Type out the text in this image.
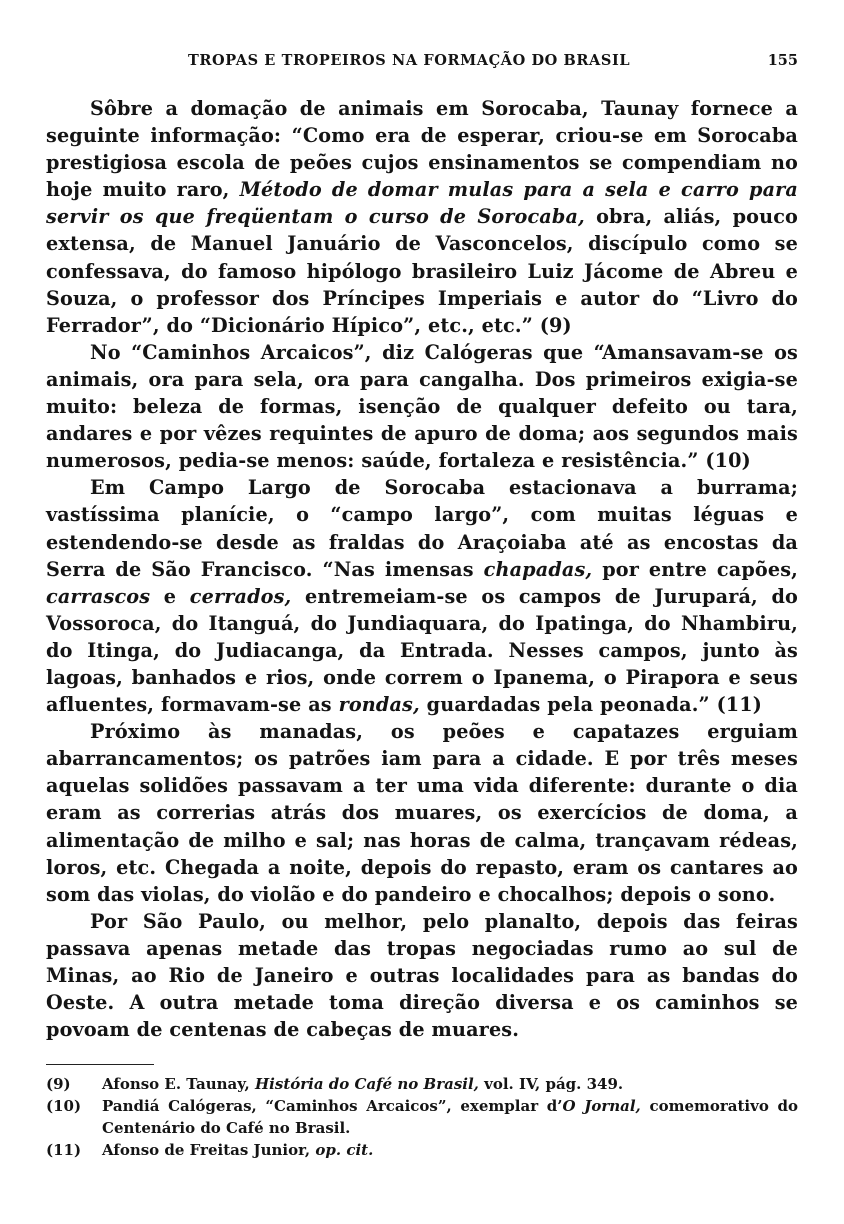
TROPAS E TROPEIROS NA FORMAÇÃO DO BRASIL	155

Sôbre a domação de animais em Sorocaba, Taunay fornece a seguinte informação: “Como era de esperar, criou-se em Sorocaba prestigiosa escola de peões cujos ensinamentos se compendiam no hoje muito raro, Método de domar mulas para a sela e carro para servir os que freqüentam o curso de Sorocaba, obra, aliás, pouco extensa, de Manuel Januário de Vasconcelos, discípulo como se confessava, do famoso hipólogo brasileiro Luiz Jácome de Abreu e Souza, o professor dos Príncipes Imperiais e autor do “Livro do Ferrador”, do “Dicionário Hípico”, etc., etc.” (9)

No “Caminhos Arcaicos”, diz Calógeras que “Amansavam-se os animais, ora para sela, ora para cangalha. Dos primeiros exigia-se muito: beleza de formas, isenção de qualquer defeito ou tara, andares e por vêzes requintes de apuro de doma; aos segundos mais numerosos, pedia-se menos: saúde, fortaleza e resistência.” (10)

Em Campo Largo de Sorocaba estacionava a burrama; vastíssima planície, o “campo largo”, com muitas léguas e estendendo-se desde as fraldas do Araçoiaba até as encostas da Serra de São Francisco. “Nas imensas chapadas, por entre capões, carrascos e cerrados, entremeiam-se os campos de Jurupará, do Vossoroca, do Itanguá, do Jundiaquara, do Ipatinga, do Nhambiru, do Itinga, do Judiacanga, da Entrada. Nesses campos, junto às lagoas, banhados e rios, onde correm o Ipanema, o Pirapora e seus afluentes, formavam-se as rondas, guardadas pela peonada.” (11)

Próximo às manadas, os peões e capatazes erguiam abarrancamentos; os patrões iam para a cidade. E por três meses aquelas solidões passavam a ter uma vida diferente: durante o dia eram as correrias atrás dos muares, os exercícios de doma, a alimentação de milho e sal; nas horas de calma, trançavam rédeas, loros, etc. Chegada a noite, depois do repasto, eram os cantares ao som das violas, do violão e do pandeiro e chocalhos; depois o sono.

Por São Paulo, ou melhor, pelo planalto, depois das feiras passava apenas metade das tropas negociadas rumo ao sul de Minas, ao Rio de Janeiro e outras localidades para as bandas do Oeste. A outra metade toma direção diversa e os caminhos se povoam de centenas de cabeças de muares.

(9)	Afonso E. Taunay, História do Café no Brasil, vol. IV, pág. 349.
(10)	Pandiá Calógeras, “Caminhos Arcaicos”, exemplar d’O Jornal, comemorativo do Centenário do Café no Brasil.
(11)	Afonso de Freitas Junior, op. cit.
